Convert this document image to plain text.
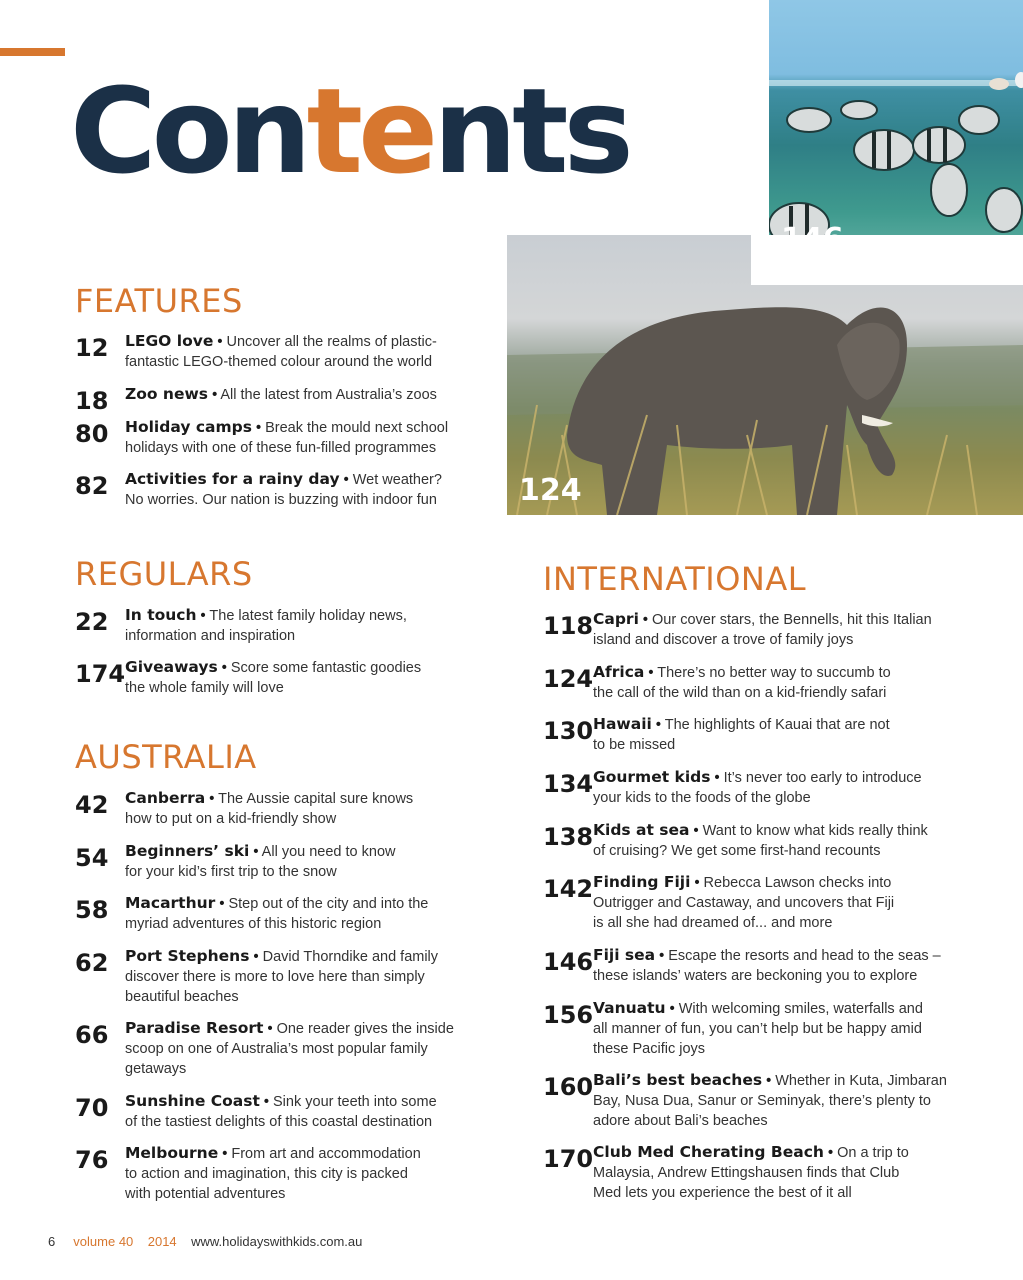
Contents
124
FEATURES
12	LEGO love • Uncover all the realms of plastic-
fantastic LEGO-themed colour around the world
18	Zoo news • All the latest from Australia’s zoos
80	Holiday camps • Break the mould next school
holidays with one of these fun-filled programmes
82	Activities for a rainy day • Wet weather?
No worries. Our nation is buzzing with indoor fun
REGULARS
22	In touch • The latest family holiday news,
information and inspiration
174 Giveaways • Score some fantastic goodies
the whole family will love
AUSTRALIA
42	Canberra • The Aussie capital sure knows
how to put on a kid-friendly show
54	Beginners’ ski • All you need to know
for your kid’s first trip to the snow
58	Macarthur • Step out of the city and into the
myriad adventures of this historic region
62	Port Stephens • David Thorndike and family
discover there is more to love here than simply
beautiful beaches
66	Paradise Resort • One reader gives the inside
scoop on one of Australia’s most popular family
getaways
70	Sunshine Coast • Sink your teeth into some
of the tastiest delights of this coastal destination
76	Melbourne • From art and accommodation
to action and imagination, this city is packed
with potential adventures
INTERNATIONAL
118 Capri • Our cover stars, the Bennells, hit this Italian
island and discover a trove of family joys
124 Africa • There’s no better way to succumb to
the call of the wild than on a kid-friendly safari
130 Hawaii • The highlights of Kauai that are not
to be missed
134 Gourmet kids • It’s never too early to introduce
your kids to the foods of the globe
138 Kids at sea • Want to know what kids really think
of cruising? We get some first-hand recounts
142 Finding Fiji • Rebecca Lawson checks into
Outrigger and Castaway, and uncovers that Fiji
is all she had dreamed of... and more
146 Fiji sea • Escape the resorts and head to the seas –
these islands’ waters are beckoning you to explore
156 Vanuatu • With welcoming smiles, waterfalls and
all manner of fun, you can’t help but be happy amid
these Pacific joys
160 Bali’s best beaches • Whether in Kuta, Jimbaran
Bay, Nusa Dua, Sanur or Seminyak, there’s plenty to
adore about Bali’s beaches
170 Club Med Cherating Beach • On a trip to
Malaysia, Andrew Ettingshausen finds that Club
Med lets you experience the best of it all
6 volume 40 2014 www.holidayswithkids.com.au
